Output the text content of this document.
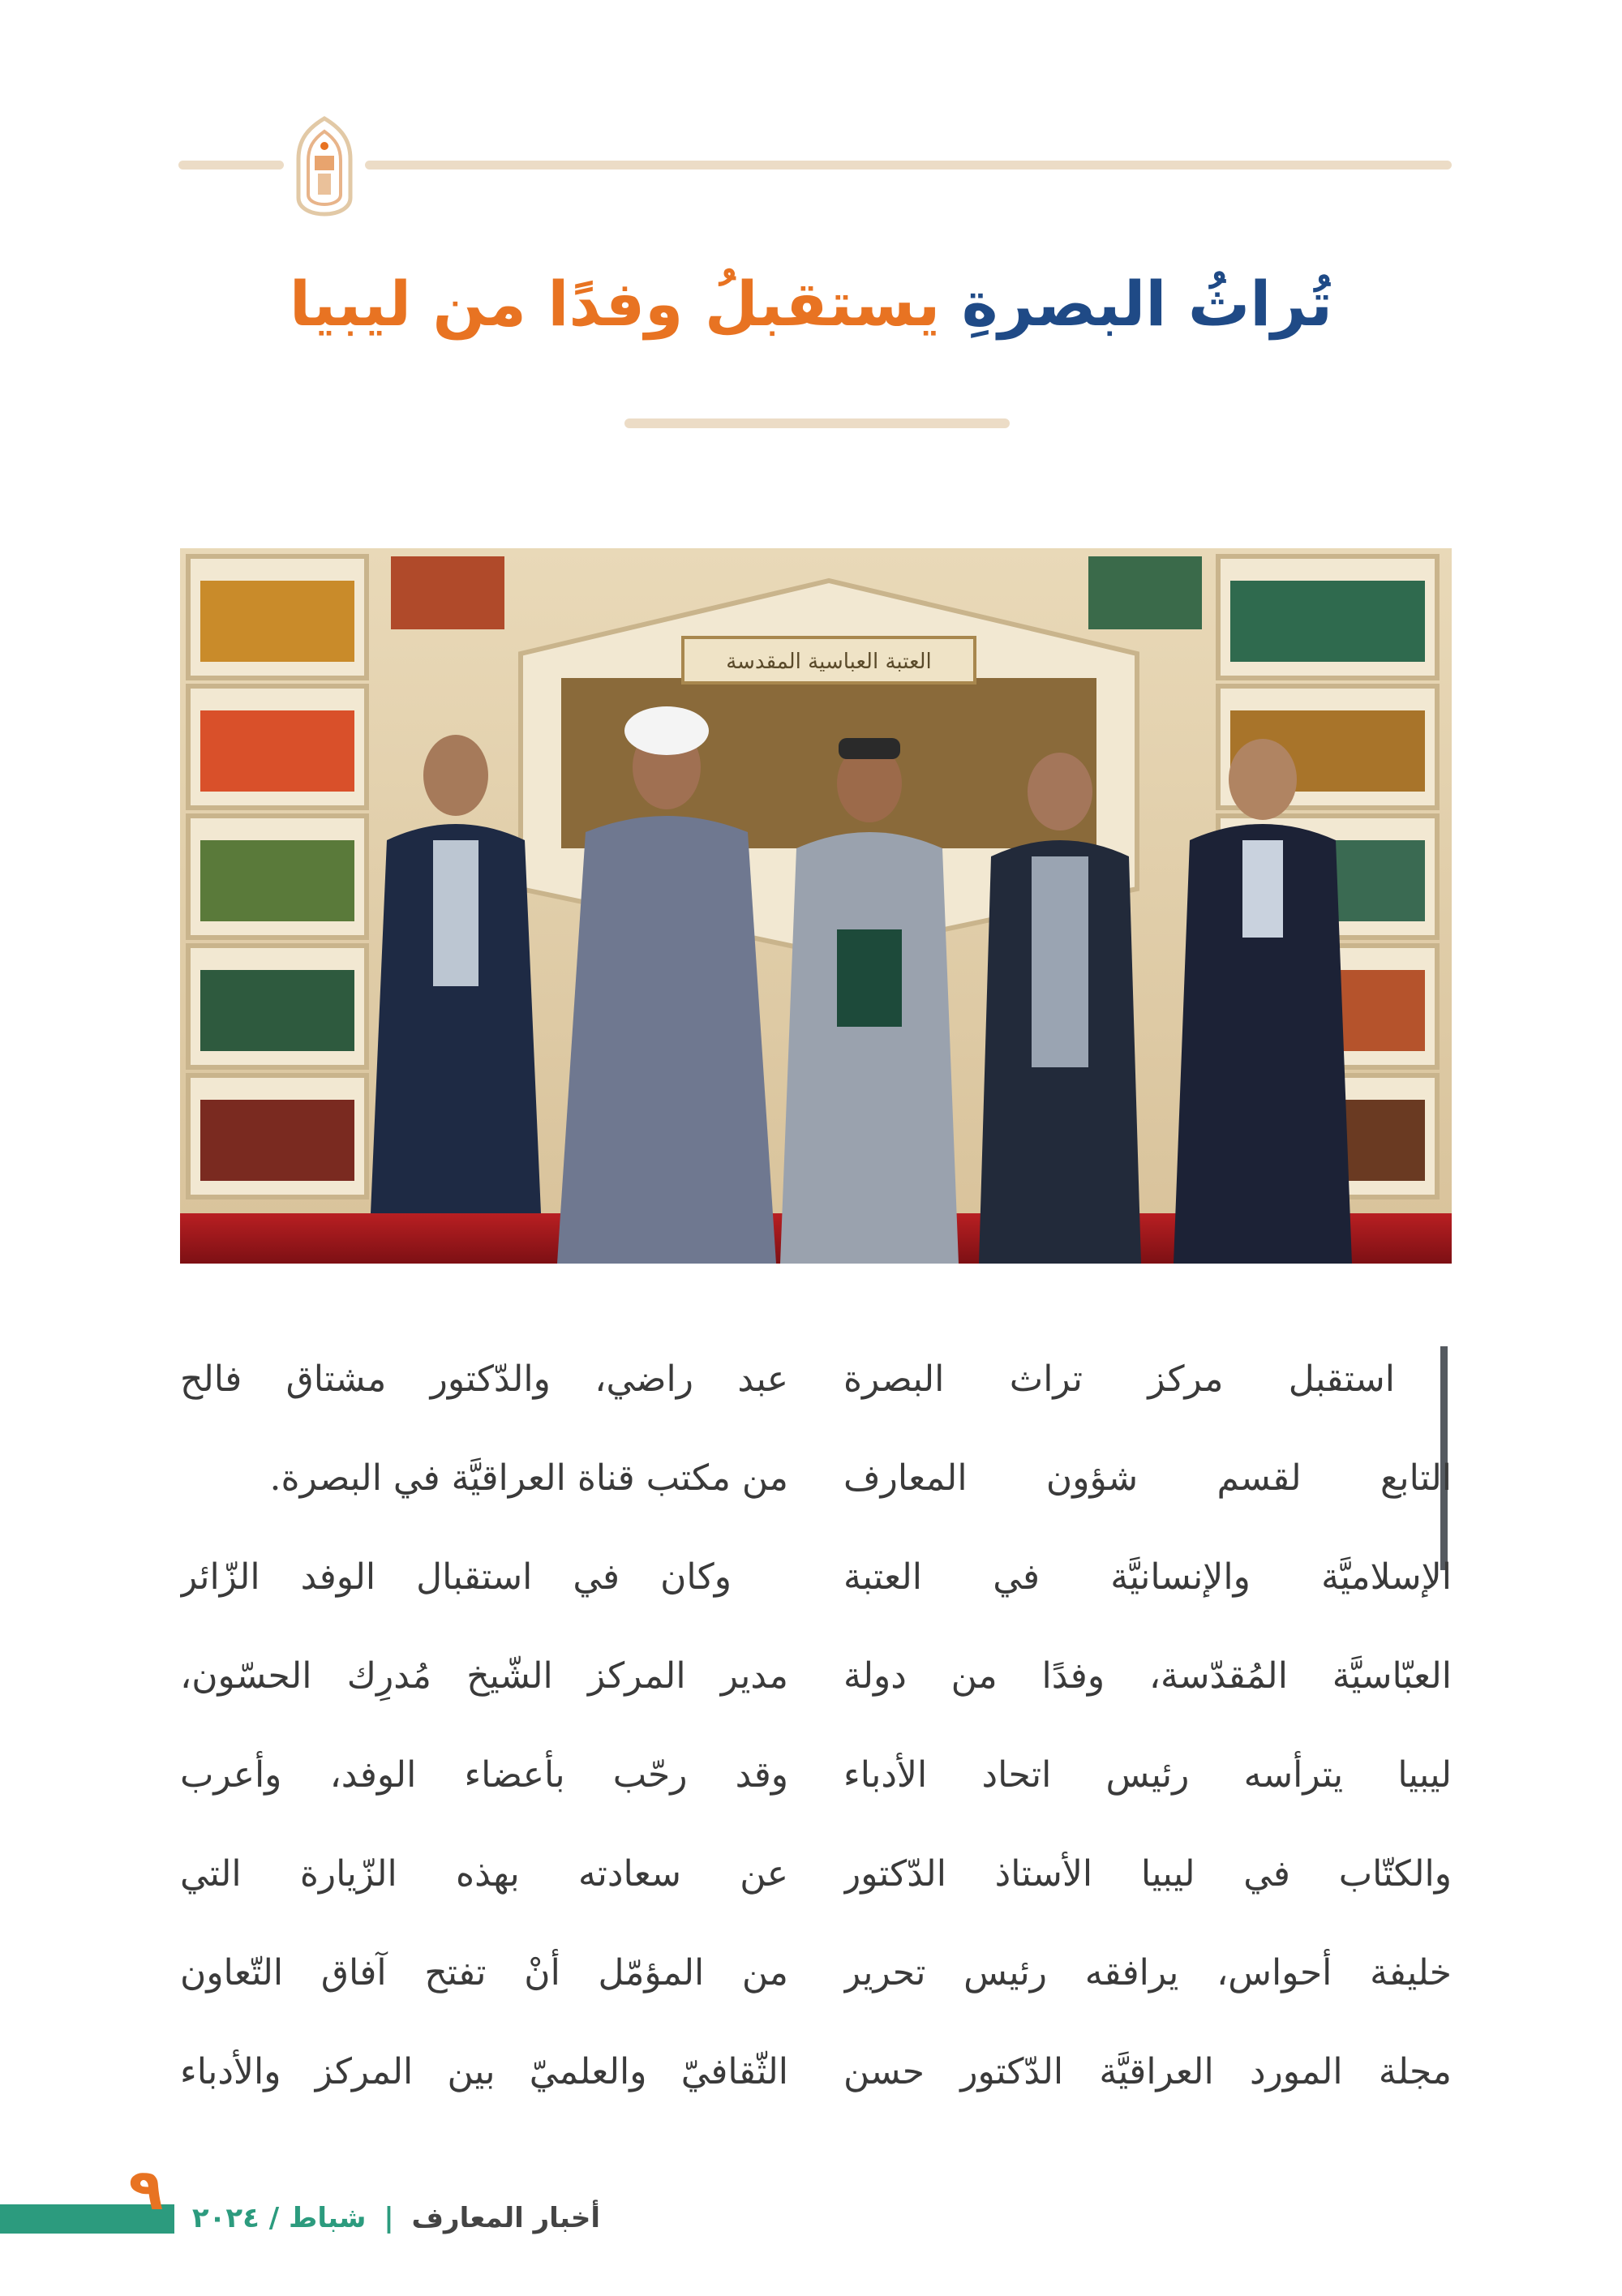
تُراثُ البصرةِ يستقبلُ وفدًا من ليبيا
العتبة العباسية المقدسة
استقبل مركز تراث البصرة
التابع لقسم شؤون المعارف
الإسلاميَّة والإنسانيَّة في العتبة
العبّاسيَّة المُقدّسة، وفدًا من دولة
ليبيا يترأسه رئيس اتحاد الأدباء
والكتّاب في ليبيا الأستاذ الدّكتور
خليفة أحواس، يرافقه رئيس تحرير
مجلة المورد العراقيَّة الدّكتور حسن
عبد راضي، والدّكتور مشتاق فالح
من مكتب قناة العراقيَّة في البصرة.
وكان في استقبال الوفد الزّائر
مدير المركز الشّيخ مُدرِك الحسّون،
وقد رحّب بأعضاء الوفد، وأعرب
عن سعادته بهذه الزّيارة التي
من المؤمّل أنْ تفتح آفاق التّعاون
الثّقافيّ والعلميّ بين المركز والأدباء
٩	أخبار المعارف | شباط / ٢٠٢٤
